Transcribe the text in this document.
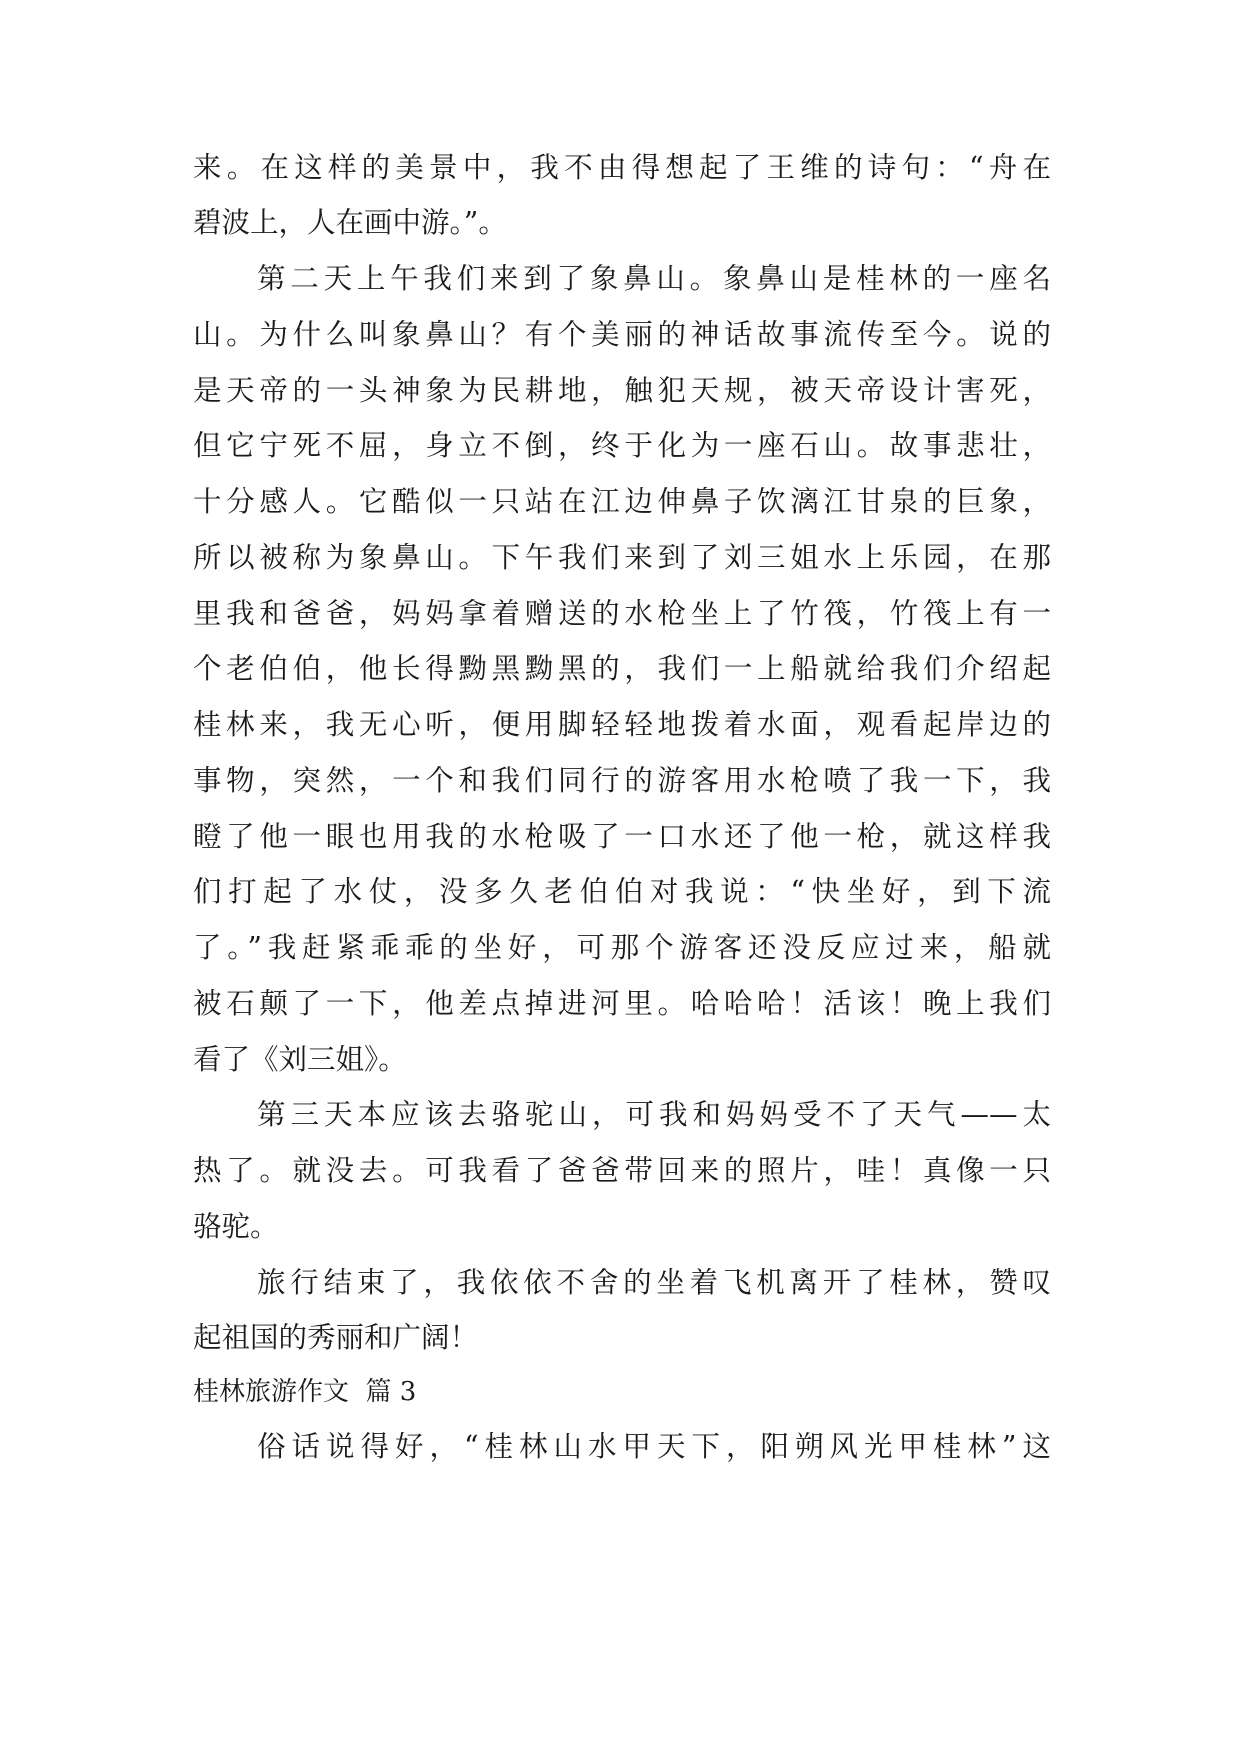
来。在这样的美景中，我不由得想起了王维的诗句：“舟在
碧波上，人在画中游。”。
第二天上午我们来到了象鼻山。象鼻山是桂林的一座名
山。为什么叫象鼻山？有个美丽的神话故事流传至今。说的
是天帝的一头神象为民耕地，触犯天规，被天帝设计害死，
但它宁死不屈，身立不倒，终于化为一座石山。故事悲壮，
十分感人。它酷似一只站在江边伸鼻子饮漓江甘泉的巨象，
所以被称为象鼻山。下午我们来到了刘三姐水上乐园，在那
里我和爸爸，妈妈拿着赠送的水枪坐上了竹筏，竹筏上有一
个老伯伯，他长得黝黑黝黑的，我们一上船就给我们介绍起
桂林来，我无心听，便用脚轻轻地拨着水面，观看起岸边的
事物，突然，一个和我们同行的游客用水枪喷了我一下，我
瞪了他一眼也用我的水枪吸了一口水还了他一枪，就这样我
们打起了水仗，没多久老伯伯对我说：“快坐好，到下流
了。”我赶紧乖乖的坐好，可那个游客还没反应过来，船就
被石颠了一下，他差点掉进河里。哈哈哈！活该！晚上我们
看了《刘三姐》。
第三天本应该去骆驼山，可我和妈妈受不了天气——太
热了。就没去。可我看了爸爸带回来的照片，哇！真像一只
骆驼。
旅行结束了，我依依不舍的坐着飞机离开了桂林，赞叹
起祖国的秀丽和广阔！
桂林旅游作文  篇 3
俗话说得好，“桂林山水甲天下，阳朔风光甲桂林”这
